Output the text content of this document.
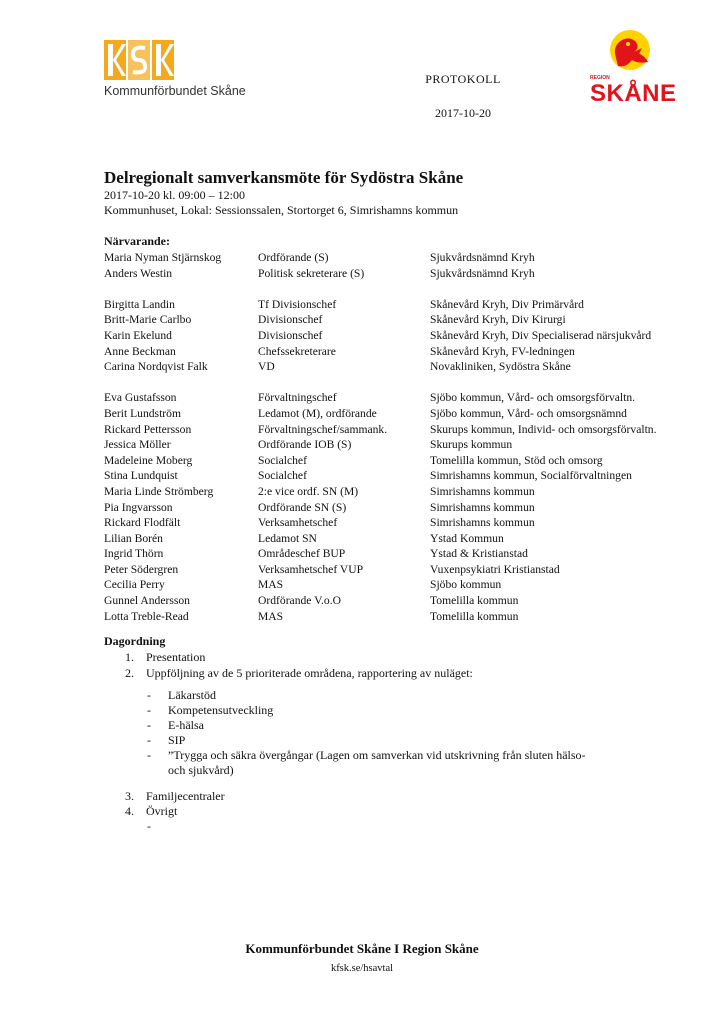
Kommunförbundet Skåne
REGION
SKÅNE
PROTOKOLL
2017-10-20
Delregionalt samverkansmöte för Sydöstra Skåne
2017-10-20 kl. 09:00 – 12:00
Kommunhuset, Lokal: Sessionssalen, Stortorget 6, Simrishamns kommun
Närvarande:
Maria Nyman Stjärnskog	Ordförande (S)	Sjukvårdsnämnd Kryh
Anders Westin	Politisk sekreterare (S)	Sjukvårdsnämnd Kryh
Birgitta Landin	Tf Divisionschef	Skånevård Kryh, Div Primärvård
Britt-Marie Carlbo	Divisionschef	Skånevård Kryh, Div Kirurgi
Karin Ekelund	Divisionschef	Skånevård Kryh, Div Specialiserad närsjukvård
Anne Beckman	Chefssekreterare	Skånevård Kryh, FV-ledningen
Carina Nordqvist Falk	VD	Novakliniken, Sydöstra Skåne
Eva Gustafsson	Förvaltningschef	Sjöbo kommun, Vård- och omsorgsförvaltn.
Berit Lundström	Ledamot (M), ordförande	Sjöbo kommun, Vård- och omsorgsnämnd
Rickard Pettersson	Förvaltningschef/sammank.	Skurups kommun, Individ- och omsorgsförvaltn.
Jessica Möller	Ordförande IOB (S)	Skurups kommun
Madeleine Moberg	Socialchef	Tomelilla kommun, Stöd och omsorg
Stina Lundquist	Socialchef	Simrishamns kommun, Socialförvaltningen
Maria Linde Strömberg	2:e vice ordf. SN (M)	Simrishamns kommun
Pia Ingvarsson	Ordförande SN (S)	Simrishamns kommun
Rickard Flodfält	Verksamhetschef	Simrishamns kommun
Lilian Borén	Ledamot SN	Ystad Kommun
Ingrid Thörn	Områdeschef BUP	Ystad & Kristianstad
Peter Södergren	Verksamhetschef VUP	Vuxenpsykiatri Kristianstad
Cecilia Perry	MAS	Sjöbo kommun
Gunnel Andersson	Ordförande V.o.O	Tomelilla kommun
Lotta Treble-Read	MAS	Tomelilla kommun
Dagordning
1. Presentation
2. Uppföljning av de 5 prioriterade områdena, rapportering av nuläget:
3. Familjecentraler
4. Övrigt
- Läkarstöd
- Kompetensutveckling
- E-hälsa
- SIP
- ”Trygga och säkra övergångar (Lagen om samverkan vid utskrivning från sluten hälso-
och sjukvård)
-
Kommunförbundet Skåne I Region Skåne
kfsk.se/hsavtal
